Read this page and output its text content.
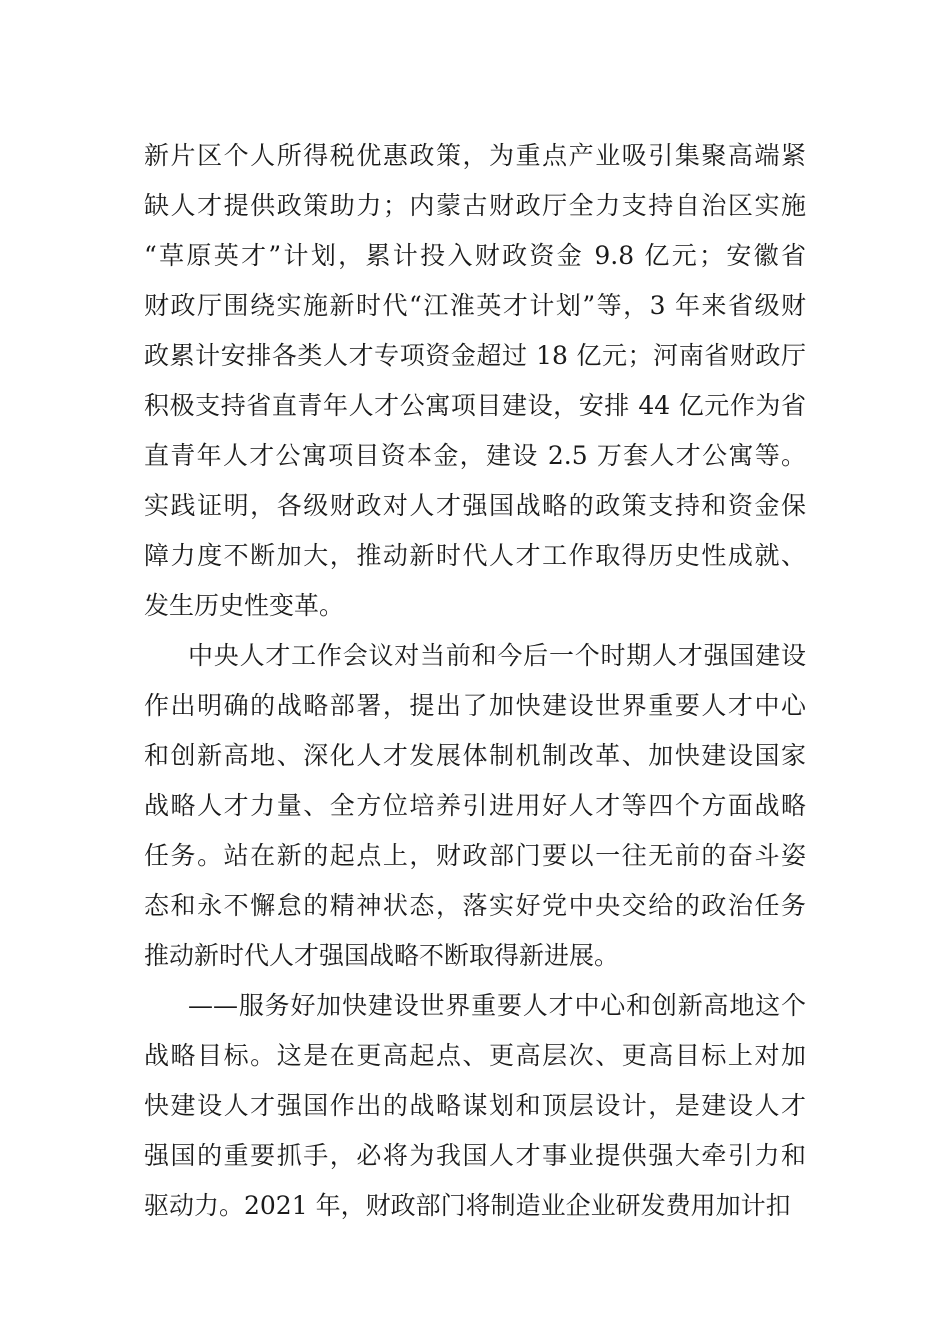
新片区个人所得税优惠政策，为重点产业吸引集聚高端紧
缺人才提供政策助力；内蒙古财政厅全力支持自治区实施
“草原英才”计划，累计投入财政资金 9.8 亿元；安徽省
财政厅围绕实施新时代“江淮英才计划”等，3 年来省级财
政累计安排各类人才专项资金超过 18 亿元；河南省财政厅
积极支持省直青年人才公寓项目建设，安排 44 亿元作为省
直青年人才公寓项目资本金，建设 2.5 万套人才公寓等。
实践证明，各级财政对人才强国战略的政策支持和资金保
障力度不断加大，推动新时代人才工作取得历史性成就、
发生历史性变革。
中央人才工作会议对当前和今后一个时期人才强国建设
作出明确的战略部署，提出了加快建设世界重要人才中心
和创新高地、深化人才发展体制机制改革、加快建设国家
战略人才力量、全方位培养引进用好人才等四个方面战略
任务。站在新的起点上，财政部门要以一往无前的奋斗姿
态和永不懈怠的精神状态，落实好党中央交给的政治任务
推动新时代人才强国战略不断取得新进展。
——服务好加快建设世界重要人才中心和创新高地这个
战略目标。这是在更高起点、更高层次、更高目标上对加
快建设人才强国作出的战略谋划和顶层设计，是建设人才
强国的重要抓手，必将为我国人才事业提供强大牵引力和
驱动力。2021 年，财政部门将制造业企业研发费用加计扣
